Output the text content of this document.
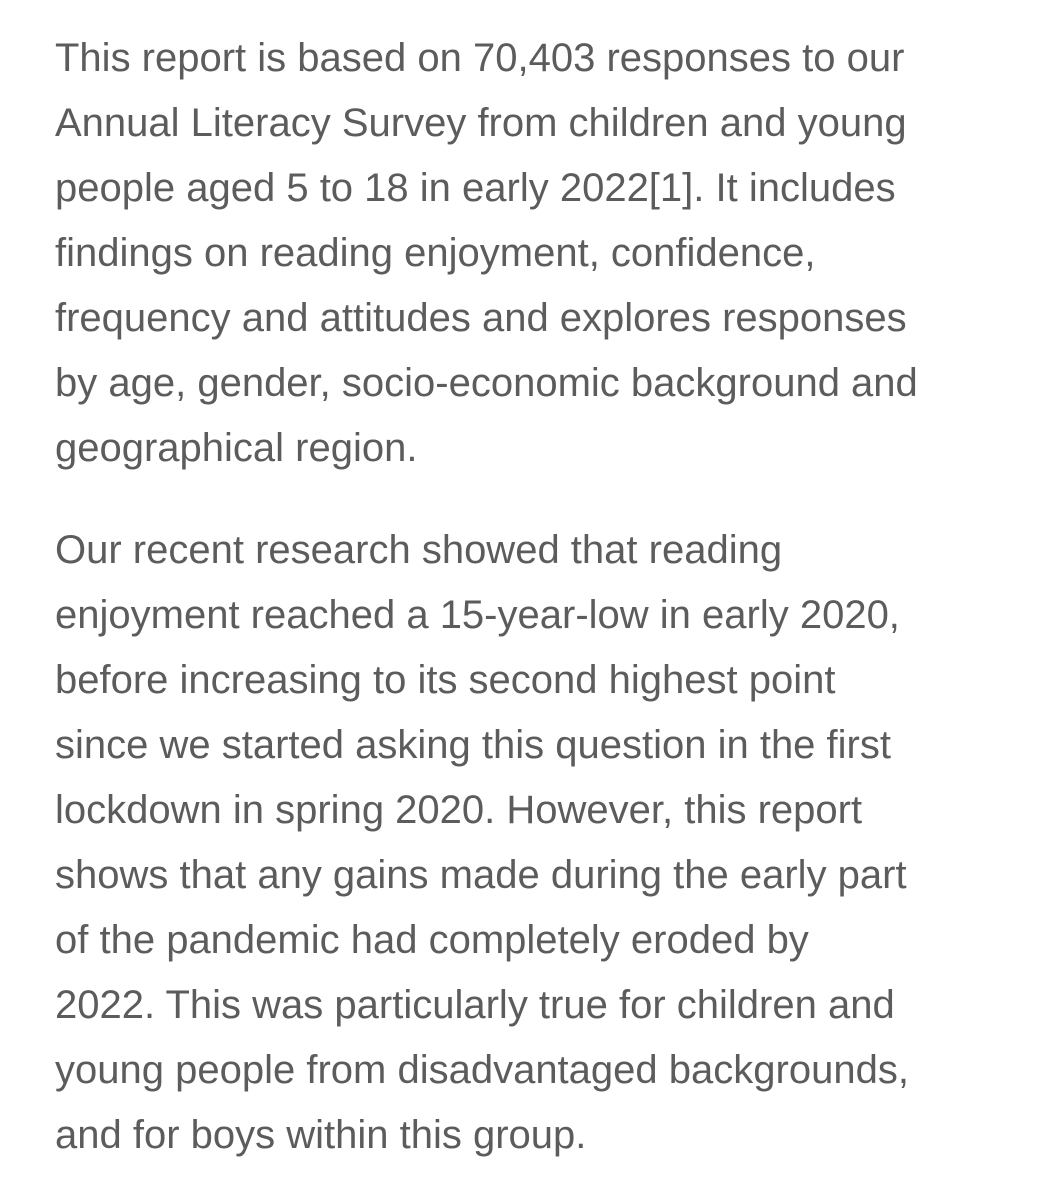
This report is based on 70,403 responses to our
Annual Literacy Survey from children and young
people aged 5 to 18 in early 2022[1]. It includes
findings on reading enjoyment, confidence,
frequency and attitudes and explores responses
by age, gender, socio-economic background and
geographical region.

Our recent research showed that reading
enjoyment reached a 15-year-low in early 2020,
before increasing to its second highest point
since we started asking this question in the first
lockdown in spring 2020. However, this report
shows that any gains made during the early part
of the pandemic had completely eroded by
2022. This was particularly true for children and
young people from disadvantaged backgrounds,
and for boys within this group.
